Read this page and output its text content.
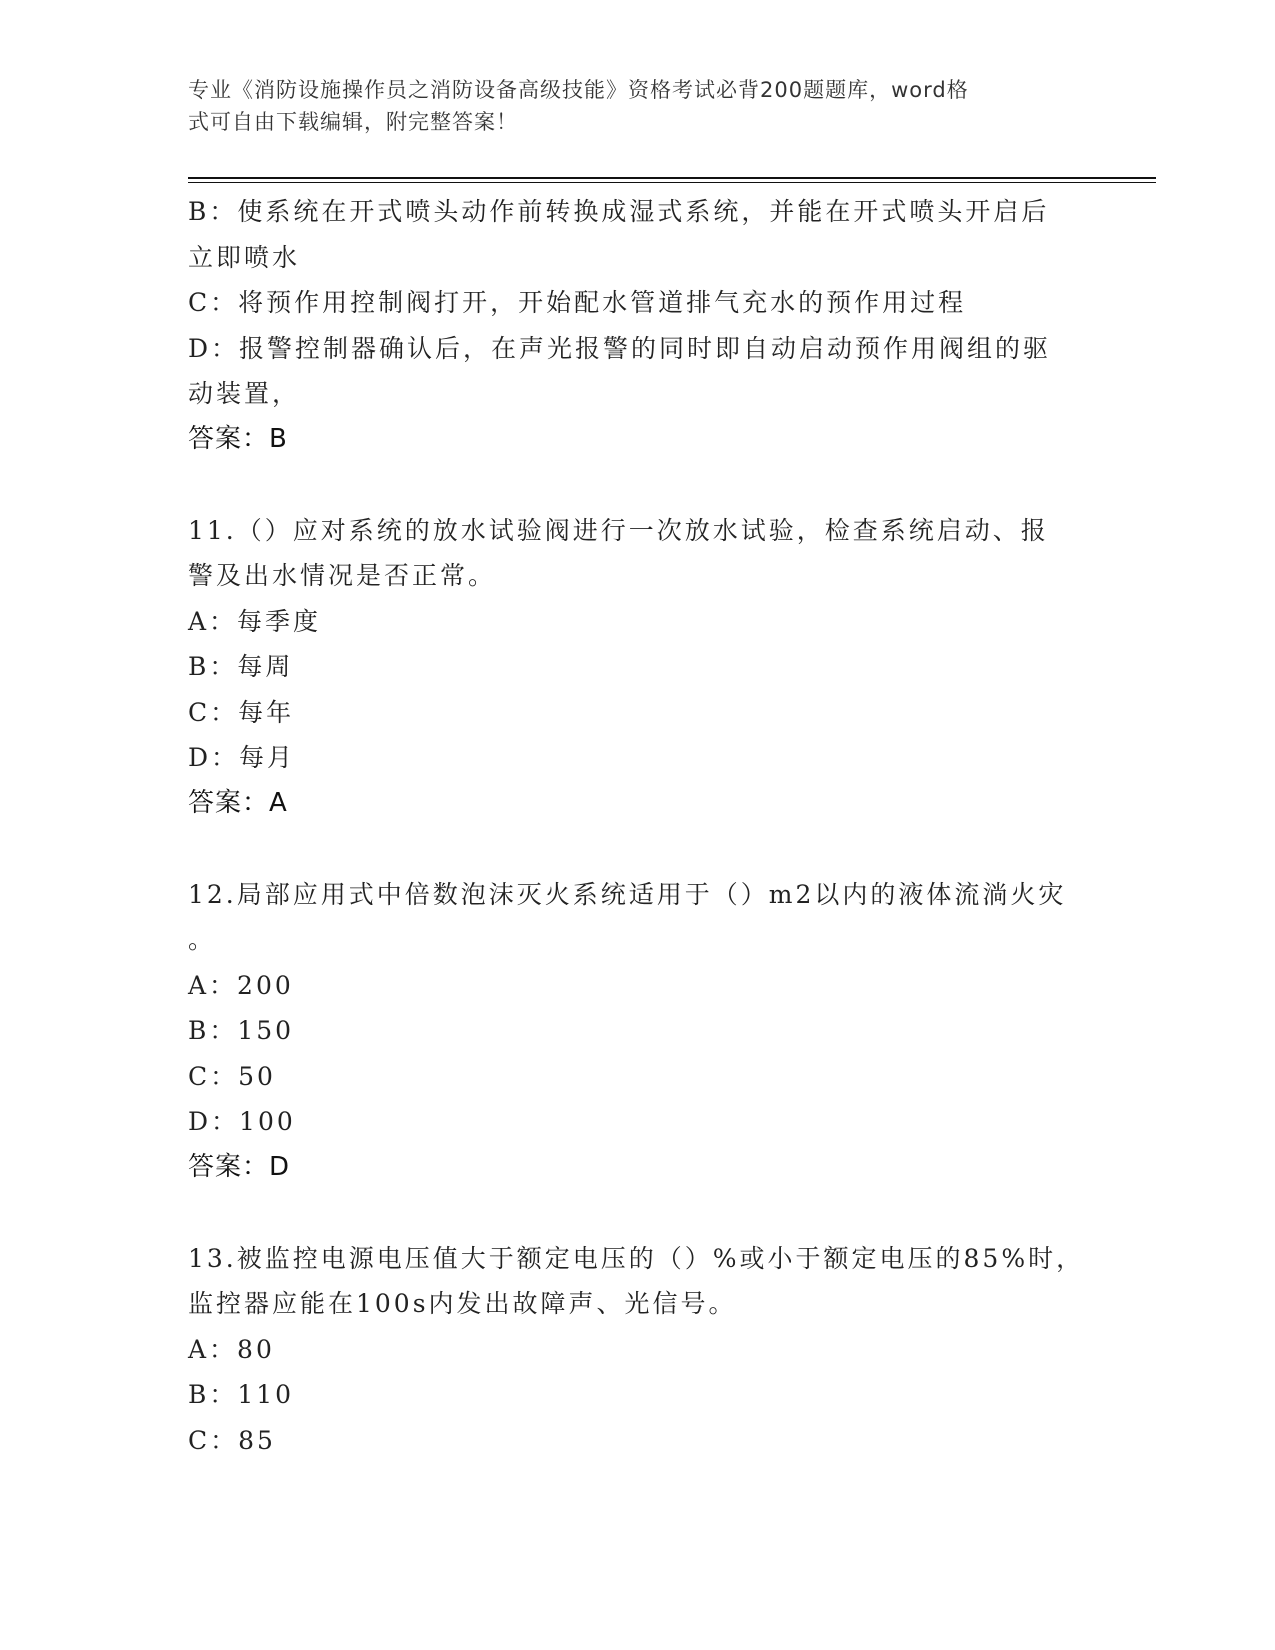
专业《消防设施操作员之消防设备高级技能》资格考试必背200题题库，word格
式可自由下载编辑，附完整答案！
B：使系统在开式喷头动作前转换成湿式系统，并能在开式喷头开启后
立即喷水
C：将预作用控制阀打开，开始配水管道排气充水的预作用过程
D：报警控制器确认后，在声光报警的同时即自动启动预作用阀组的驱
动装置，
答案：B
11.（）应对系统的放水试验阀进行一次放水试验，检查系统启动、报
警及出水情况是否正常。
A：每季度
B：每周
C：每年
D：每月
答案：A
12.局部应用式中倍数泡沫灭火系统适用于（）m2以内的液体流淌火灾
。
A：200
B：150
C：50
D：100
答案：D
13.被监控电源电压值大于额定电压的（）%或小于额定电压的85%时，
监控器应能在100s内发出故障声、光信号。
A：80
B：110
C：85
